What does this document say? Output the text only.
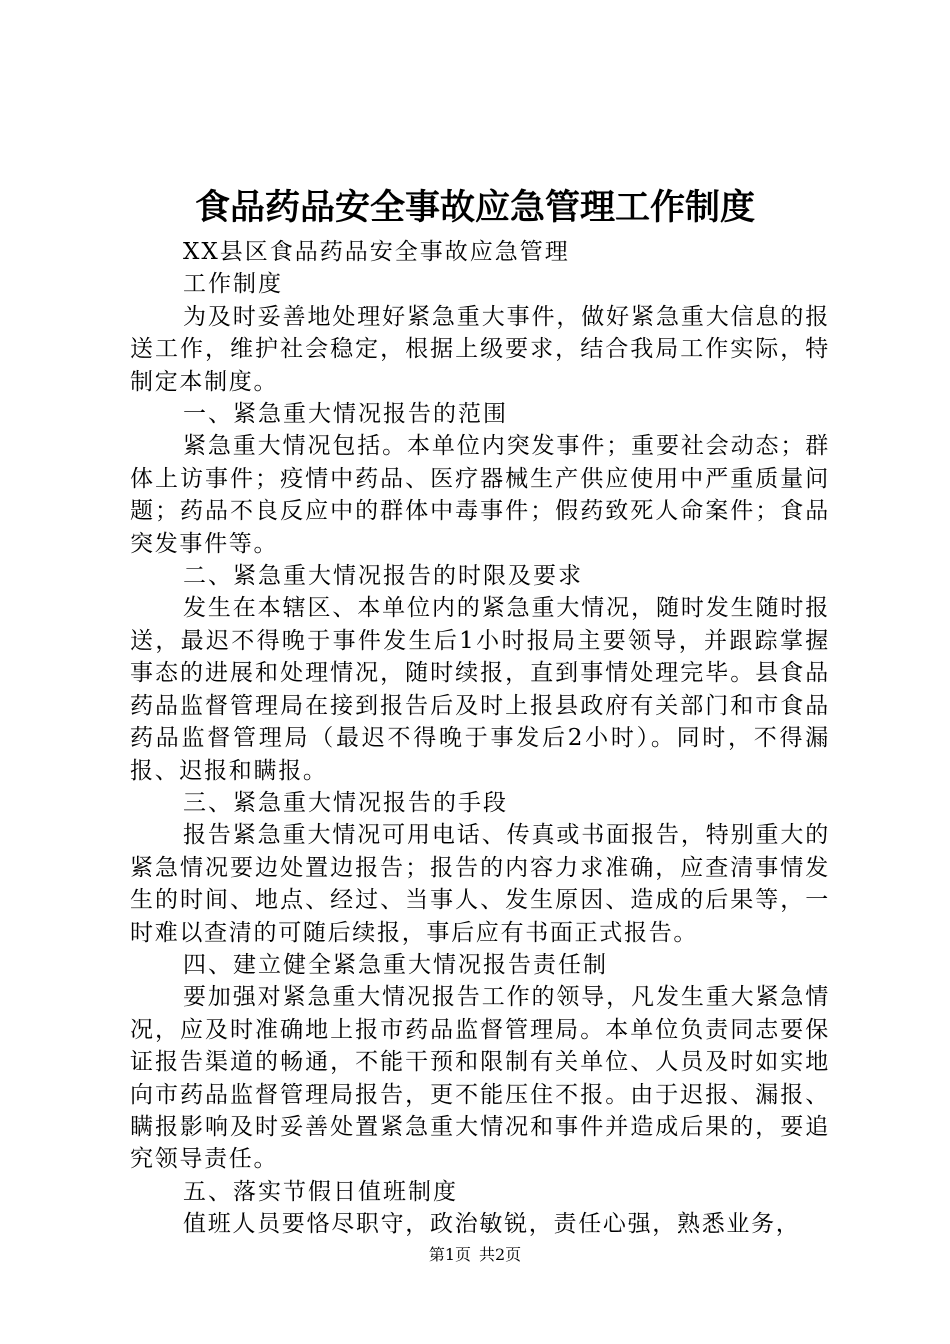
食品药品安全事故应急管理工作制度

XX县区食品药品安全事故应急管理

工作制度

为及时妥善地处理好紧急重大事件，做好紧急重大信息的报送工作，维护社会稳定，根据上级要求，结合我局工作实际，特制定本制度。

一、紧急重大情况报告的范围

紧急重大情况包括。本单位内突发事件；重要社会动态；群体上访事件；疫情中药品、医疗器械生产供应使用中严重质量问题；药品不良反应中的群体中毒事件；假药致死人命案件；食品突发事件等。

二、紧急重大情况报告的时限及要求

发生在本辖区、本单位内的紧急重大情况，随时发生随时报送，最迟不得晚于事件发生后1小时报局主要领导，并跟踪掌握事态的进展和处理情况，随时续报，直到事情处理完毕。县食品药品监督管理局在接到报告后及时上报县政府有关部门和市食品药品监督管理局（最迟不得晚于事发后2小时）。同时，不得漏报、迟报和瞒报。

三、紧急重大情况报告的手段

报告紧急重大情况可用电话、传真或书面报告，特别重大的紧急情况要边处置边报告；报告的内容力求准确，应查清事情发生的时间、地点、经过、当事人、发生原因、造成的后果等，一时难以查清的可随后续报，事后应有书面正式报告。

四、建立健全紧急重大情况报告责任制

要加强对紧急重大情况报告工作的领导，凡发生重大紧急情况，应及时准确地上报市药品监督管理局。本单位负责同志要保证报告渠道的畅通，不能干预和限制有关单位、人员及时如实地向市药品监督管理局报告，更不能压住不报。由于迟报、漏报、瞒报影响及时妥善处置紧急重大情况和事件并造成后果的，要追究领导责任。

五、落实节假日值班制度

值班人员要恪尽职守，政治敏锐，责任心强，熟悉业务，

第1页 共2页
